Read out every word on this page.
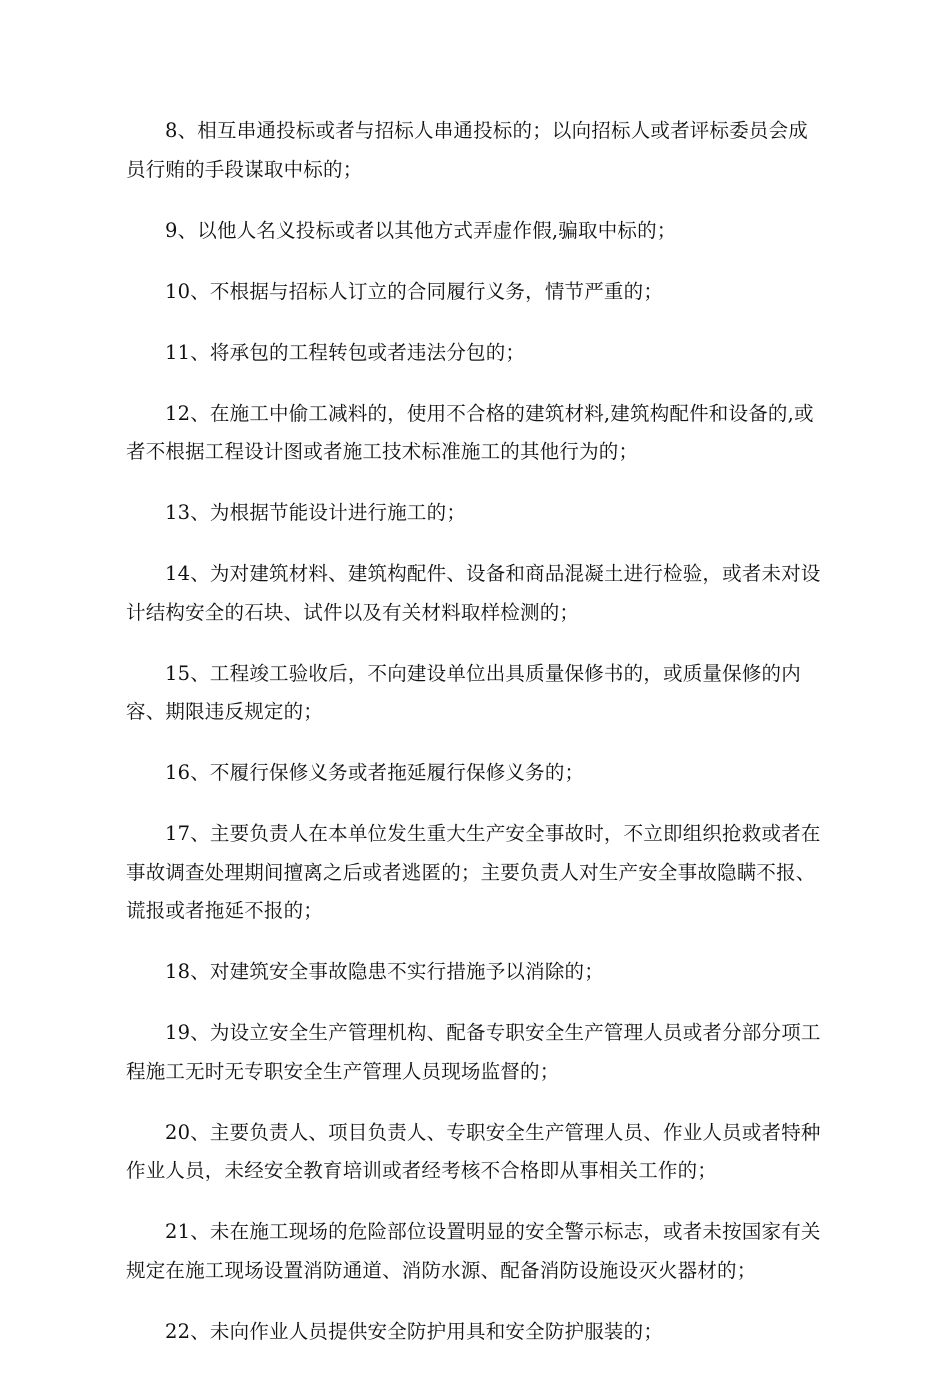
8、相互串通投标或者与招标人串通投标的；以向招标人或者评标委员会成员行贿的手段谋取中标的；

9、以他人名义投标或者以其他方式弄虚作假,骗取中标的；

10、不根据与招标人订立的合同履行义务，情节严重的；

11、将承包的工程转包或者违法分包的；

12、在施工中偷工减料的，使用不合格的建筑材料,建筑构配件和设备的,或者不根据工程设计图或者施工技术标准施工的其他行为的；

13、为根据节能设计进行施工的；

14、为对建筑材料、建筑构配件、设备和商品混凝土进行检验，或者未对设计结构安全的石块、试件以及有关材料取样检测的；

15、工程竣工验收后，不向建设单位出具质量保修书的，或质量保修的内容、期限违反规定的；

16、不履行保修义务或者拖延履行保修义务的；

17、主要负责人在本单位发生重大生产安全事故时，不立即组织抢救或者在事故调查处理期间擅离之后或者逃匿的；主要负责人对生产安全事故隐瞒不报、谎报或者拖延不报的；

18、对建筑安全事故隐患不实行措施予以消除的；

19、为设立安全生产管理机构、配备专职安全生产管理人员或者分部分项工程施工无时无专职安全生产管理人员现场监督的；

20、主要负责人、项目负责人、专职安全生产管理人员、作业人员或者特种作业人员，未经安全教育培训或者经考核不合格即从事相关工作的；

21、未在施工现场的危险部位设置明显的安全警示标志，或者未按国家有关规定在施工现场设置消防通道、消防水源、配备消防设施设灭火器材的；

22、未向作业人员提供安全防护用具和安全防护服装的；
